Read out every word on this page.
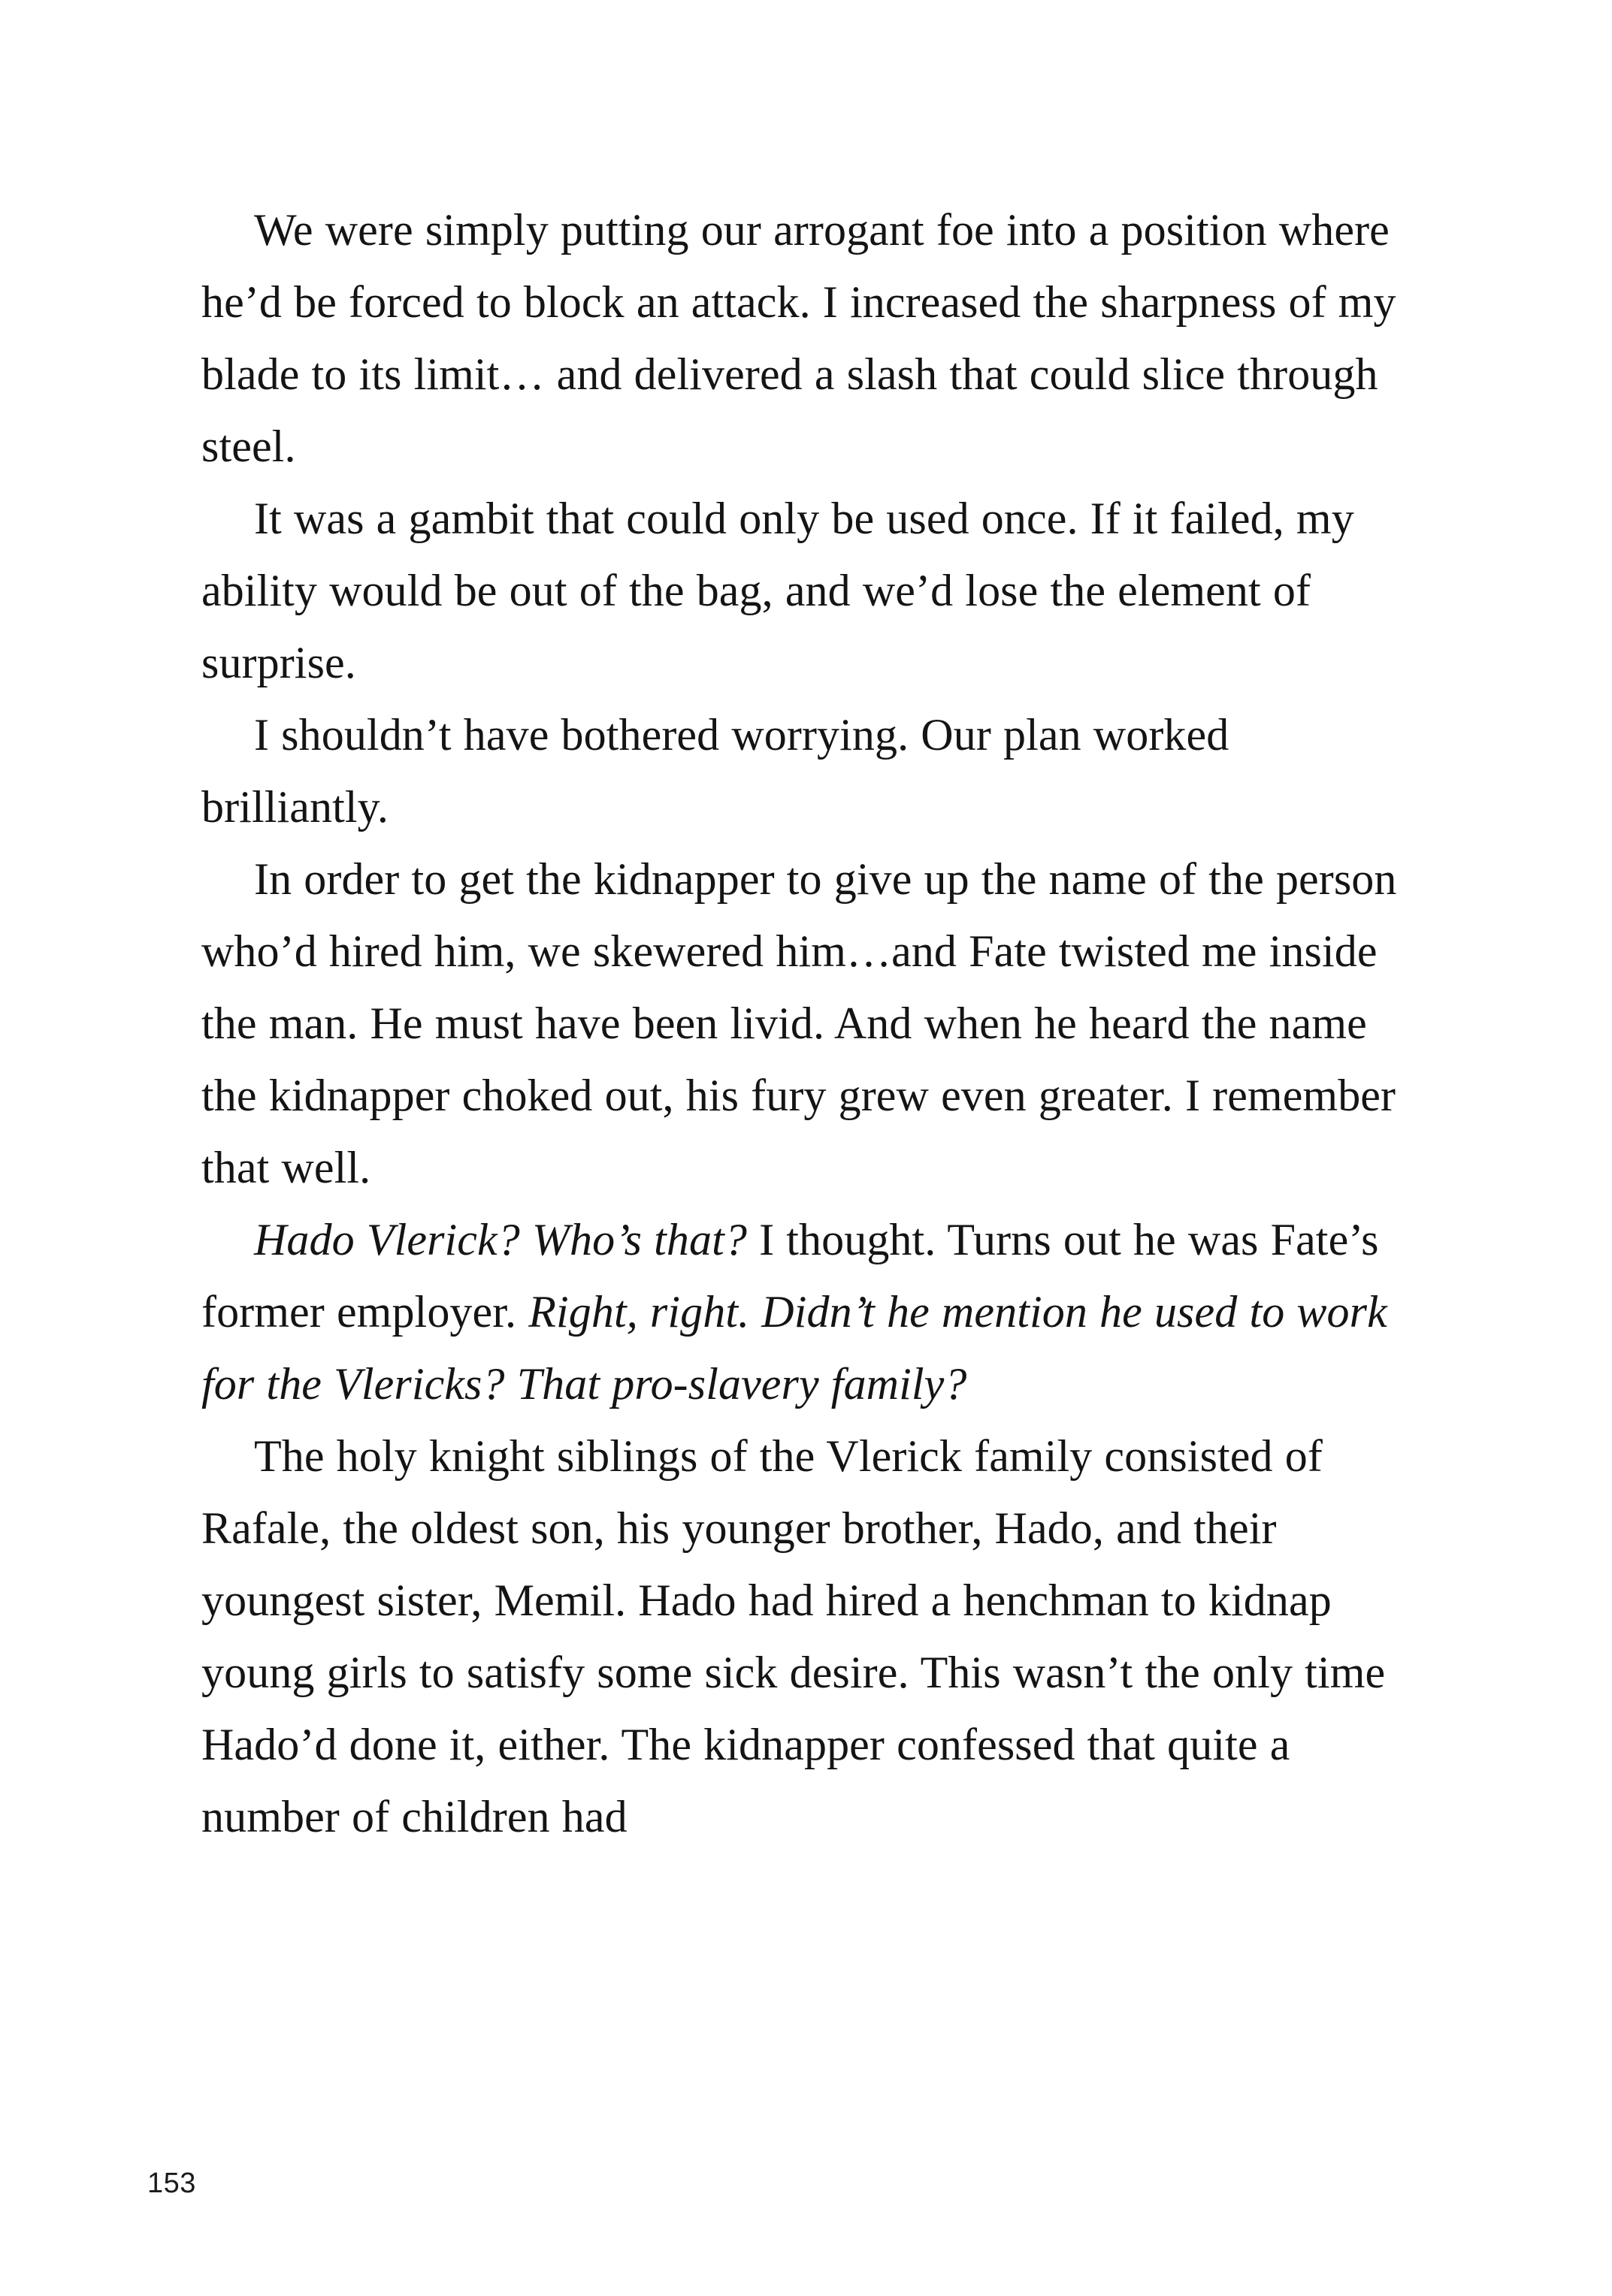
We were simply putting our arrogant foe into a position where he’d be forced to block an attack. I increased the sharpness of my blade to its limit… and delivered a slash that could slice through steel.

It was a gambit that could only be used once. If it failed, my ability would be out of the bag, and we’d lose the element of surprise.

I shouldn’t have bothered worrying. Our plan worked brilliantly.

In order to get the kidnapper to give up the name of the person who’d hired him, we skewered him…and Fate twisted me inside the man. He must have been livid. And when he heard the name the kidnapper choked out, his fury grew even greater. I remember that well.

Hado Vlerick? Who’s that? I thought. Turns out he was Fate’s former employer. Right, right. Didn’t he mention he used to work for the Vlericks? That pro-slavery family?

The holy knight siblings of the Vlerick family consisted of Rafale, the oldest son, his younger brother, Hado, and their youngest sister, Memil. Hado had hired a henchman to kidnap young girls to satisfy some sick desire. This wasn’t the only time Hado’d done it, either. The kidnapper confessed that quite a number of children had

153
